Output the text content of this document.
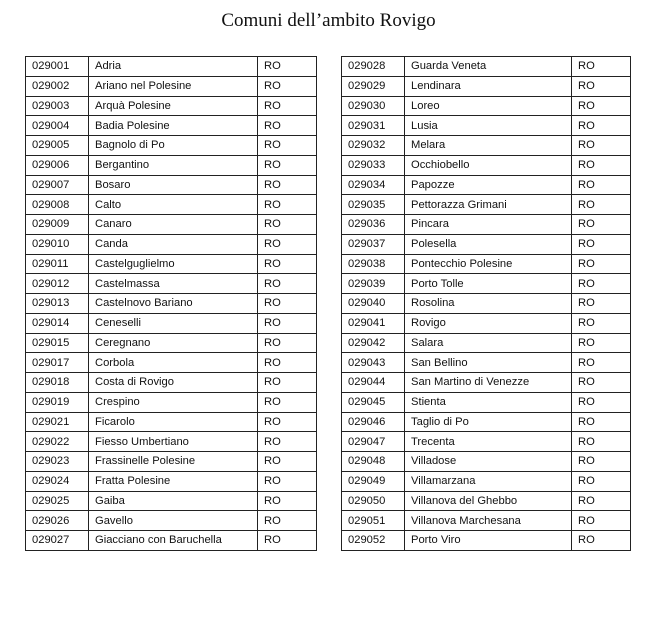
Comuni dell’ambito Rovigo
029001	Adria	RO
029002	Ariano nel Polesine	RO
029003	Arquà Polesine	RO
029004	Badia Polesine	RO
029005	Bagnolo di Po	RO
029006	Bergantino	RO
029007	Bosaro	RO
029008	Calto	RO
029009	Canaro	RO
029010	Canda	RO
029011	Castelguglielmo	RO
029012	Castelmassa	RO
029013	Castelnovo Bariano	RO
029014	Ceneselli	RO
029015	Ceregnano	RO
029017	Corbola	RO
029018	Costa di Rovigo	RO
029019	Crespino	RO
029021	Ficarolo	RO
029022	Fiesso Umbertiano	RO
029023	Frassinelle Polesine	RO
029024	Fratta Polesine	RO
029025	Gaiba	RO
029026	Gavello	RO
029027	Giacciano con Baruchella	RO
029028	Guarda Veneta	RO
029029	Lendinara	RO
029030	Loreo	RO
029031	Lusia	RO
029032	Melara	RO
029033	Occhiobello	RO
029034	Papozze	RO
029035	Pettorazza Grimani	RO
029036	Pincara	RO
029037	Polesella	RO
029038	Pontecchio Polesine	RO
029039	Porto Tolle	RO
029040	Rosolina	RO
029041	Rovigo	RO
029042	Salara	RO
029043	San Bellino	RO
029044	San Martino di Venezze	RO
029045	Stienta	RO
029046	Taglio di Po	RO
029047	Trecenta	RO
029048	Villadose	RO
029049	Villamarzana	RO
029050	Villanova del Ghebbo	RO
029051	Villanova Marchesana	RO
029052	Porto Viro	RO
